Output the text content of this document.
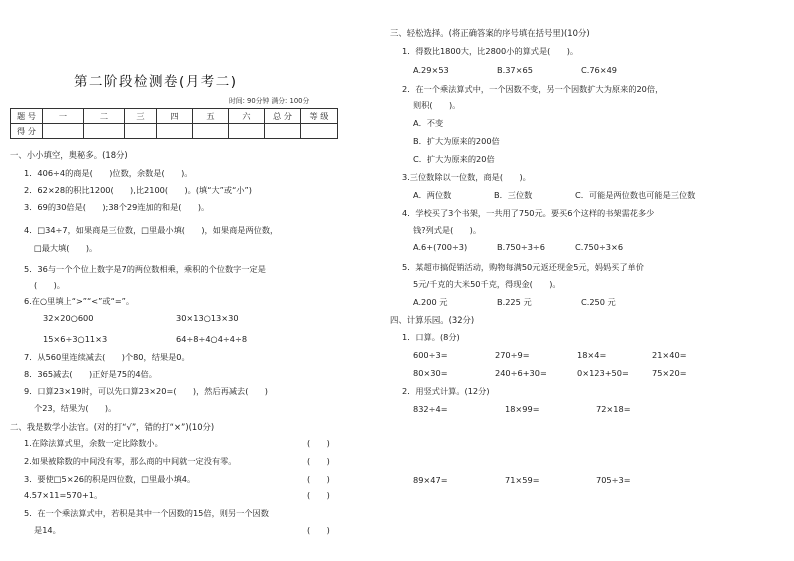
第二阶段检测卷(月考二)
时间: 90分钟 满分: 100分
题 号	一	二	三	四	五	六	总 分	等 级
得 分								
一、小小填空，奥秘多。(18分)
1．406÷4的商是(　　)位数，余数是(　　)。
2．62×28的积比1200(　　),比2100(　　)。(填“大”或“小”)
3．69的30倍是(　　);38个29连加的和是(　　)。
4．□34÷7，如果商是三位数，□里最小填(　　)，如果商是两位数，
□最大填(　　)。
5．36与一个个位上数字是7的两位数相乘，乘积的个位数字一定是
(　　)。
6.在○里填上“>”“<”或“=”。
32×20○600	30×13○13×30
15×6÷3○11×3	64÷8÷4○4÷4÷8
7．从560里连续减去(　　)个80，结果是0。
8．365减去(　　)正好是75的4倍。
9．口算23×19时，可以先口算23×20=(　　)，然后再减去(　　)
个23，结果为(　　)。
二、我是数学小法官。(对的打“√”，错的打“×”)(10分)
1.在除法算式里，余数一定比除数小。	(　　)
2.如果被除数的中间没有零，那么商的中间就一定没有零。	(　　)
3．要使□5×26的积是四位数，□里最小填4。	(　　)
4.57×11=570+1。	(　　)
5．在一个乘法算式中，若积是其中一个因数的15倍，则另一个因数
是14。	(　　)
三、轻松选择。(将正确答案的序号填在括号里)(10分)
1．得数比1800大，比2800小的算式是(　　)。
A.29×53	B.37×65	C.76×49
2．在一个乘法算式中，一个因数不变，另一个因数扩大为原来的20倍，
则积(　　)。
A．不变
B．扩大为原来的200倍
C．扩大为原来的20倍
3.三位数除以一位数，商是(　　)。
A．两位数	B．三位数	C．可能是两位数也可能是三位数
4．学校买了3个书架，一共用了750元。要买6个这样的书架需花多少
钱?列式是(　　)。
A.6+(700÷3)	B.750÷3÷6	C.750÷3×6
5．某超市搞促销活动，购物每满50元返还现金5元，妈妈买了单价
5元/千克的大米50千克，得现金(　　)。
A.200 元	B.225 元	C.250 元
四、计算乐园。(32分)
1．口算。(8分)
600÷3=	270÷9=	18×4=	21×40=
80×30=	240÷6+30=	0×123+50=	75×20=
2．用竖式计算。(12分)
832÷4=	18×99=	72×18=
89×47=	71×59=	705÷3=
